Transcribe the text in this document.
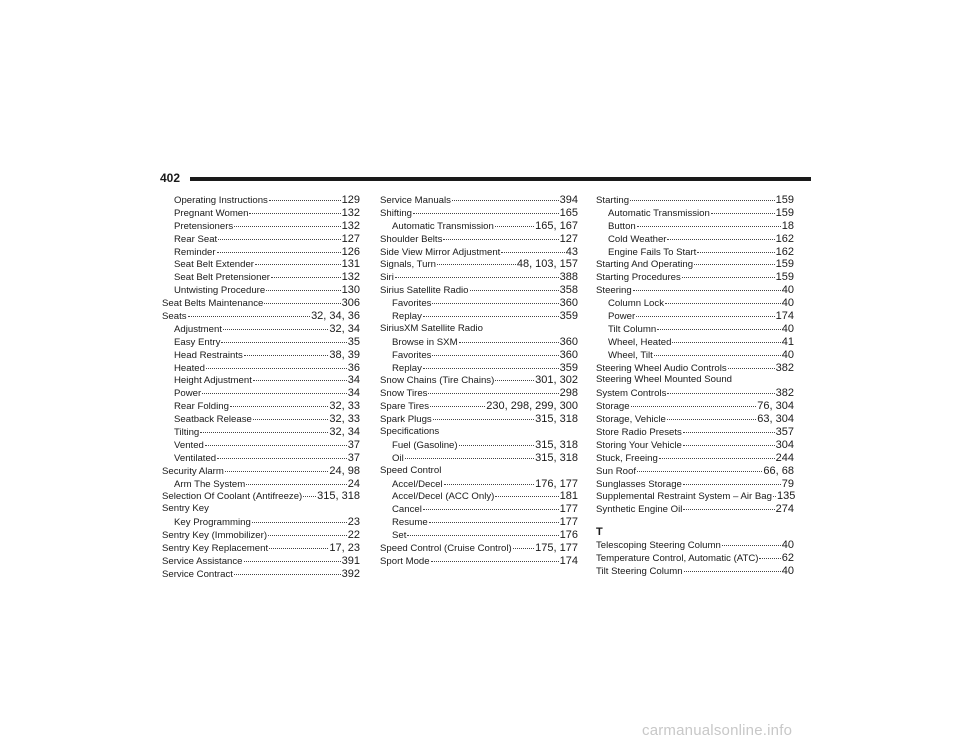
402
Operating Instructions	129
Pregnant Women	132
Pretensioners	132
Rear Seat	127
Reminder	126
Seat Belt Extender	131
Seat Belt Pretensioner	132
Untwisting Procedure	130
Seat Belts Maintenance	306
Seats	32, 34, 36
Adjustment	32, 34
Easy Entry	35
Head Restraints	38, 39
Heated	36
Height Adjustment	34
Power	34
Rear Folding	32, 33
Seatback Release	32, 33
Tilting	32, 34
Vented	37
Ventilated	37
Security Alarm	24, 98
Arm The System	24
Selection Of Coolant (Antifreeze) 315, 318
Sentry Key
Key Programming	23
Sentry Key (Immobilizer)	22
Sentry Key Replacement	17, 23
Service Assistance	391
Service Contract	392
Service Manuals	394
Shifting	165
Automatic Transmission	165, 167
Shoulder Belts	127
Side View Mirror Adjustment	43
Signals, Turn	48, 103, 157
Siri	388
Sirius Satellite Radio	358
Favorites	360
Replay	359
SiriusXM Satellite Radio
Browse in SXM	360
Favorites	360
Replay	359
Snow Chains (Tire Chains)	301, 302
Snow Tires	298
Spare Tires	230, 298, 299, 300
Spark Plugs	315, 318
Specifications
Fuel (Gasoline)	315, 318
Oil	315, 318
Speed Control
Accel/Decel	176, 177
Accel/Decel (ACC Only)	181
Cancel	177
Resume	177
Set	176
Speed Control (Cruise Control) 175, 177
Sport Mode	174
Starting	159
Automatic Transmission	159
Button	18
Cold Weather	162
Engine Fails To Start	162
Starting And Operating	159
Starting Procedures	159
Steering	40
Column Lock	40
Power	174
Tilt Column	40
Wheel, Heated	41
Wheel, Tilt	40
Steering Wheel Audio Controls	382
Steering Wheel Mounted Sound
System Controls	382
Storage	76, 304
Storage, Vehicle	63, 304
Store Radio Presets	357
Storing Your Vehicle	304
Stuck, Freeing	244
Sun Roof	66, 68
Sunglasses Storage	79
Supplemental Restraint System – Air Bag 135
Synthetic Engine Oil	274
T
Telescoping Steering Column	40
Temperature Control, Automatic (ATC) 62
Tilt Steering Column	40
carmanualsonline.info
